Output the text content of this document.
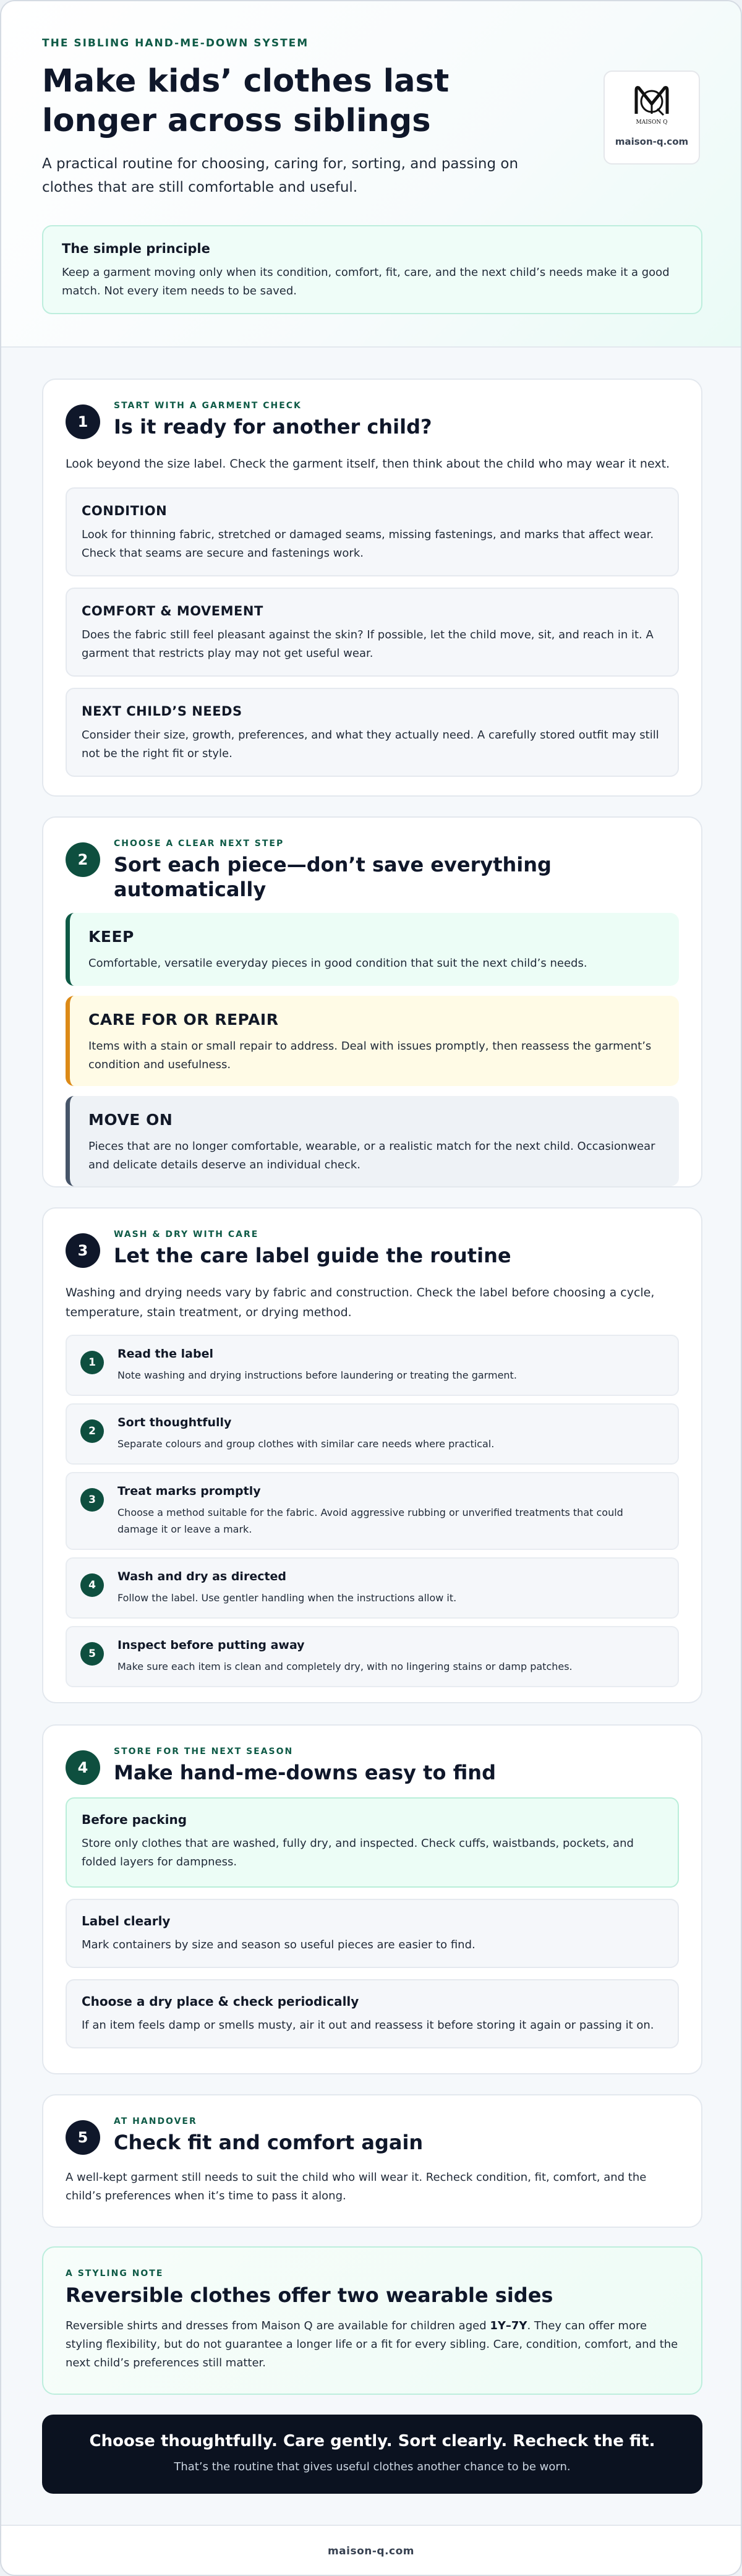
THE SIBLING HAND-ME-DOWN SYSTEM
Make kids’ clothes last longer across siblings

A practical routine for choosing, caring for, sorting, and passing on clothes that are still comfortable and useful.

MAISON Q
maison-q.com
The simple principle
Keep a garment moving only when its condition, comfort, fit, care, and the next child’s needs make it a good match. Not every item needs to be saved.
1
START WITH A GARMENT CHECK
Is it ready for another child?

Look beyond the size label. Check the garment itself, then think about the child who may wear it next.

CONDITION
Look for thinning fabric, stretched or damaged seams, missing fastenings, and marks that affect wear. Check that seams are secure and fastenings work.
COMFORT & MOVEMENT
Does the fabric still feel pleasant against the skin? If possible, let the child move, sit, and reach in it. A garment that restricts play may not get useful wear.
NEXT CHILD’S NEEDS
Consider their size, growth, preferences, and what they actually need. A carefully stored outfit may still not be the right fit or style.
2
CHOOSE A CLEAR NEXT STEP
Sort each piece—don’t save everything automatically
KEEP
Comfortable, versatile everyday pieces in good condition that suit the next child’s needs.
CARE FOR OR REPAIR
Items with a stain or small repair to address. Deal with issues promptly, then reassess the garment’s condition and usefulness.
MOVE ON
Pieces that are no longer comfortable, wearable, or a realistic match for the next child. Occasionwear and delicate details deserve an individual check.
3
WASH & DRY WITH CARE
Let the care label guide the routine

Washing and drying needs vary by fabric and construction. Check the label before choosing a cycle, temperature, stain treatment, or drying method.

1
Read the label
Note washing and drying instructions before laundering or treating the garment.
2
Sort thoughtfully
Separate colours and group clothes with similar care needs where practical.
3
Treat marks promptly
Choose a method suitable for the fabric. Avoid aggressive rubbing or unverified treatments that could damage it or leave a mark.
4
Wash and dry as directed
Follow the label. Use gentler handling when the instructions allow it.
5
Inspect before putting away
Make sure each item is clean and completely dry, with no lingering stains or damp patches.
4
STORE FOR THE NEXT SEASON
Make hand-me-downs easy to find
Before packing
Store only clothes that are washed, fully dry, and inspected. Check cuffs, waistbands, pockets, and folded layers for dampness.
Label clearly
Mark containers by size and season so useful pieces are easier to find.
Choose a dry place & check periodically
If an item feels damp or smells musty, air it out and reassess it before storing it again or passing it on.
5
AT HANDOVER
Check fit and comfort again

A well-kept garment still needs to suit the child who will wear it. Recheck condition, fit, comfort, and the child’s preferences when it’s time to pass it along.

A STYLING NOTE
Reversible clothes offer two wearable sides

Reversible shirts and dresses from Maison Q are available for children aged 1Y–7Y. They can offer more styling flexibility, but do not guarantee a longer life or a fit for every sibling. Care, condition, comfort, and the next child’s preferences still matter.

Choose thoughtfully. Care gently. Sort clearly. Recheck the fit.
That’s the routine that gives useful clothes another chance to be worn.
maison-q.com
